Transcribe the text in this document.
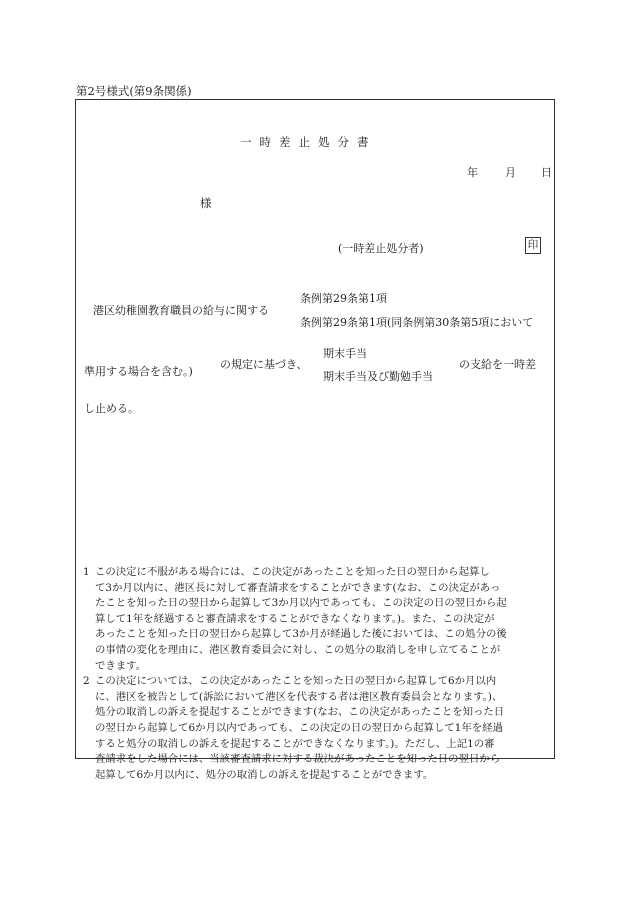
第2号様式(第9条関係)
一時差止処分書
年 月 日
様
(一時差止処分者)	印
港区幼稚園教育職員の給与に関する
条例第29条第1項
条例第29条第1項(同条例第30条第5項において
準用する場合を含む。)
の規定に基づき、
期末手当
期末手当及び勤勉手当
の支給を一時差
し止める。
1 この決定に不服がある場合には、この決定があったことを知った日の翌日から起算し
て3か月以内に、港区長に対して審査請求をすることができます(なお、この決定があっ
たことを知った日の翌日から起算して3か月以内であっても、この決定の日の翌日から起
算して1年を経過すると審査請求をすることができなくなります。)。また、この決定が
あったことを知った日の翌日から起算して3か月が経過した後においては、この処分の後
の事情の変化を理由に、港区教育委員会に対し、この処分の取消しを申し立てることが
できます。
2 この決定については、この決定があったことを知った日の翌日から起算して6か月以内
に、港区を被告として(訴訟において港区を代表する者は港区教育委員会となります。)、
処分の取消しの訴えを提起することができます(なお、この決定があったことを知った日
の翌日から起算して6か月以内であっても、この決定の日の翌日から起算して1年を経過
すると処分の取消しの訴えを提起することができなくなります。)。ただし、上記1の審
査請求をした場合には、当該審査請求に対する裁決があったことを知った日の翌日から
起算して6か月以内に、処分の取消しの訴えを提起することができます。
